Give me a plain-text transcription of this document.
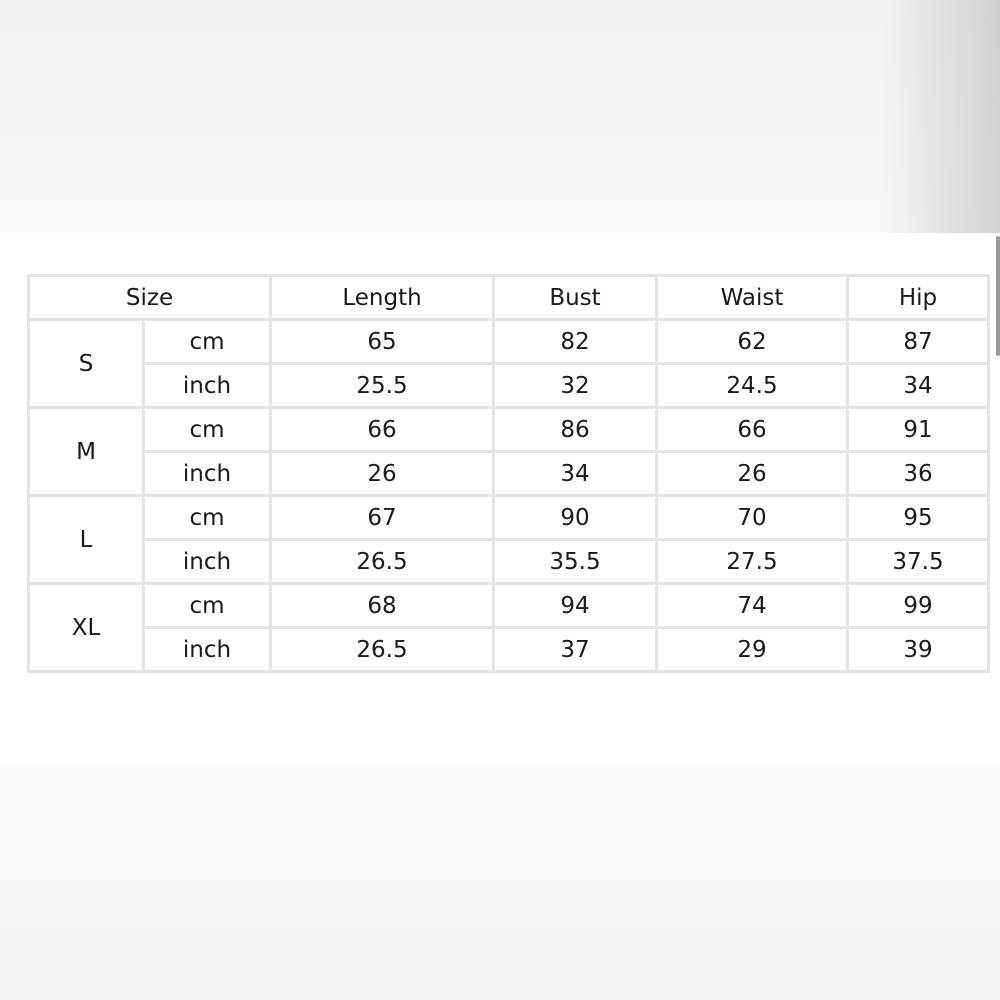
Size		Length	Bust	Waist	Hip
S	cm	65	82	62	87
	inch	25.5	32	24.5	34
M	cm	66	86	66	91
	inch	26	34	26	36
L	cm	67	90	70	95
	inch	26.5	35.5	27.5	37.5
XL	cm	68	94	74	99
	inch	26.5	37	29	39
